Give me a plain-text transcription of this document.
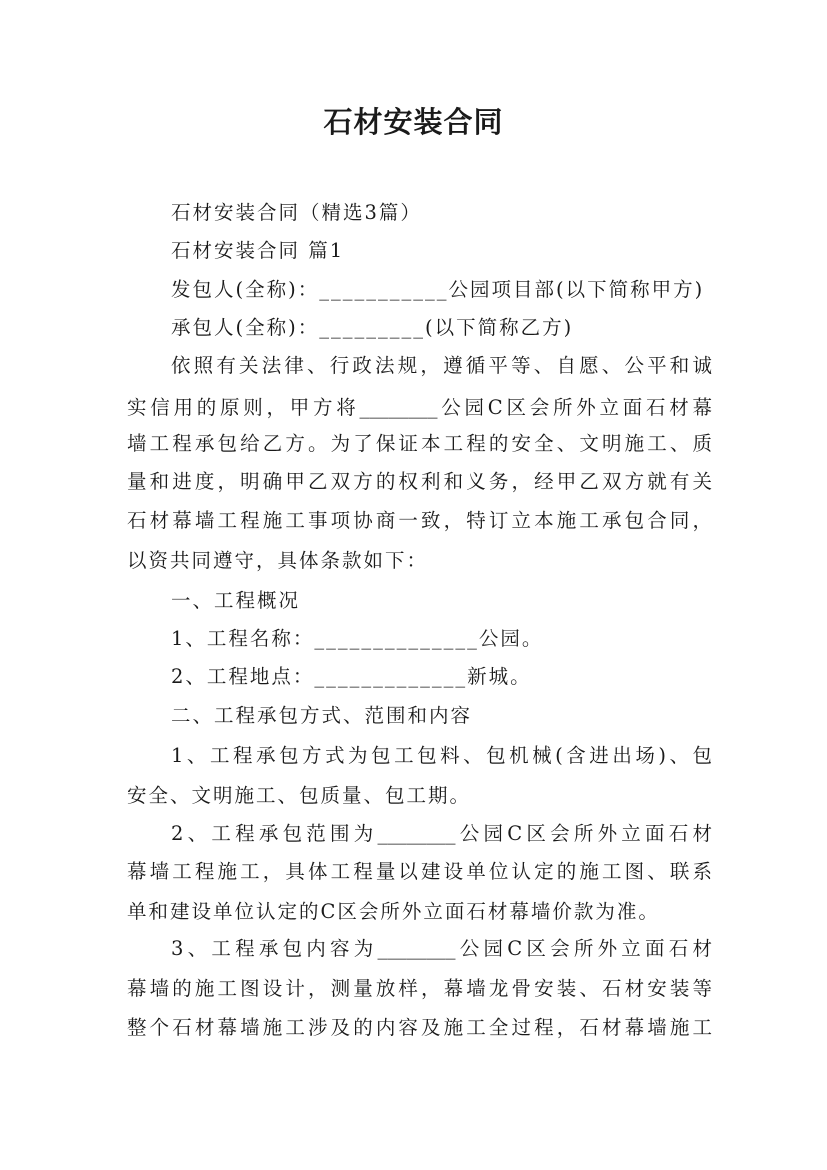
石材安装合同
石材安装合同（精选3篇）
石材安装合同 篇1
发包人(全称)：___________公园项目部(以下简称甲方)
承包人(全称)：_________(以下简称乙方)
依照有关法律、行政法规，遵循平等、自愿、公平和诚
实信用的原则，甲方将________公园C区会所外立面石材幕
墙工程承包给乙方。为了保证本工程的安全、文明施工、质
量和进度，明确甲乙双方的权利和义务，经甲乙双方就有关
石材幕墙工程施工事项协商一致，特订立本施工承包合同，
以资共同遵守，具体条款如下：
一、工程概况
1、工程名称：______________公园。
2、工程地点：_____________新城。
二、工程承包方式、范围和内容
1、工程承包方式为包工包料、包机械(含进出场)、包
安全、文明施工、包质量、包工期。
2、工程承包范围为________公园C区会所外立面石材
幕墙工程施工，具体工程量以建设单位认定的施工图、联系
单和建设单位认定的C区会所外立面石材幕墙价款为准。
3、工程承包内容为________公园C区会所外立面石材
幕墙的施工图设计，测量放样，幕墙龙骨安装、石材安装等
整个石材幕墙施工涉及的内容及施工全过程，石材幕墙施工
